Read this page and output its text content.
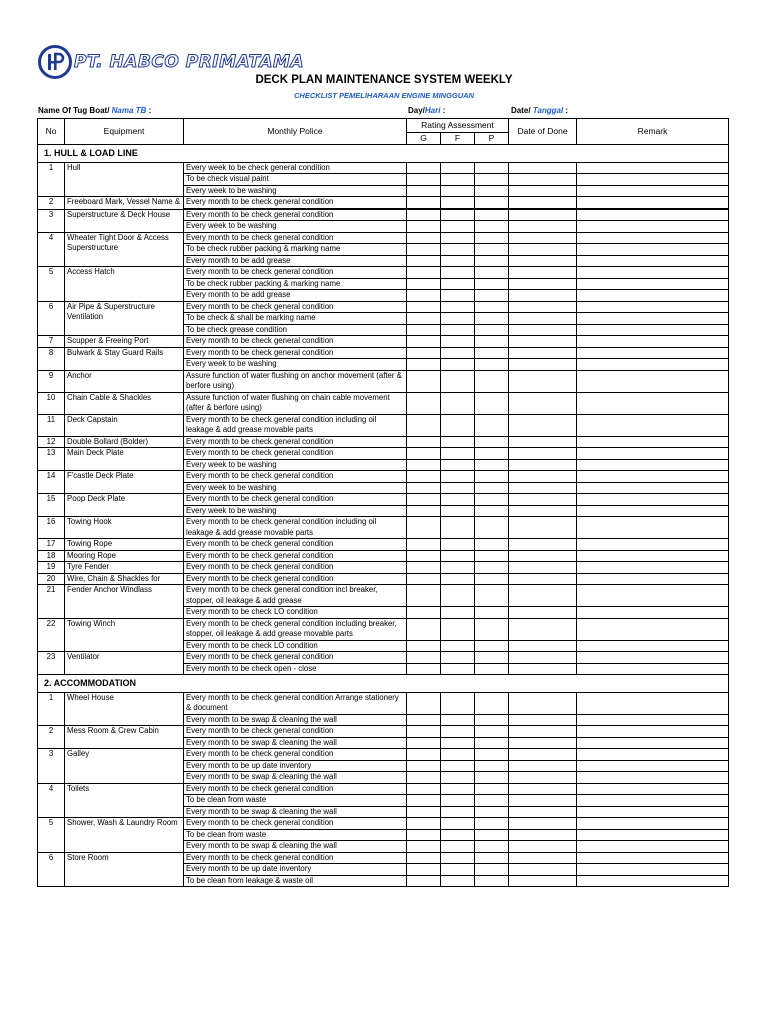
PT. HABCO PRIMATAMA
DECK PLAN MAINTENANCE SYSTEM WEEKLY
CHECKLIST PEMELIHARAAN ENGINE MINGGUAN
Name Of Tug Boat/ Nama TB :	Day/Hari :	Date/ Tanggal :
No	Equipment	Monthly Police	Rating Assessment			Date of Done	Remark
			G	F	P		
1. HULL & LOAD LINE							
1	Hull	Every week to be check general condition					
		To be check visual paint					
		Every week to be washing					
2	Freeboard Mark, Vessel Name &	Every month to be check general condition					

3	Superstructure & Deck House	Every month to be check general condition					
		Every week to be washing					
4	Wheater Tight Door & Access Superstructure	Every month to be check general condition					
		To be check rubber packing & marking name					
		Every month to be add grease					
5	Access Hatch	Every month to be check general condition					
		To be check rubber packing & marking name					
		Every month to be add grease					
6	Air Pipe & Superstructure Ventilation	Every month to be check general condition					
		To be check & shall be marking name					
		To be check grease condition					
7	Scupper & Freeing Port	Every month to be check general condition					
8	Bulwark & Stay Guard Rails	Every month to be check general condition					
		Every week to be washing					
9	Anchor	Assure function of water flushing on anchor movement (after & berfore using)					
10	Chain Cable & Shackles	Assure function of water flushing on chain cable movement (after & berfore using)					
11	Deck Capstain	Every month to be check general condition including oil leakage & add grease movable parts					
12	Double Bollard (Bolder)	Every month to be check general condition					
13	Main Deck Plate	Every month to be check general condition					
		Every week to be washing					
14	F'castle Deck Plate	Every month to be check general condition					
		Every week to be washing					
15	Poop Deck Plate	Every month to be check general condition					
		Every week to be washing					
16	Towing Hook	Every month to be check general condition including oil leakage & add grease movable parts					
17	Towing Rope	Every month to be check general condition					
18	Mooring Rope	Every month to be check general condition					
19	Tyre Fender	Every month to be check general condition					
20	Wire, Chain & Shackles for	Every month to be check general condition					
21	Fender Anchor Windlass	Every month to be check general condition incl breaker, stopper, oil leakage & add grease					
		Every month to be check LO condition					
22	Towing Winch	Every month to be check general condition including breaker, stopper, oil leakage & add grease movable parts					
		Every month to be check LO condition					
23	Ventilator	Every month to be check general condition					
		Every month to be check open - close					
2. ACCOMMODATION							
1	Wheel House	Every month to be check general condition Arrange stationery & document					
		Every month to be swap & cleaning the wall					
2	Mess Room & Crew Cabin	Every month to be check general condition					
		Every month to be swap & cleaning the wall					
3	Galley	Every month to be check general condition					
		Every month to be up date inventory					
		Every month to be swap & cleaning the wall					
4	Toilets	Every month to be check general condition					
		To be clean from waste					
		Every month to be swap & cleaning the wall					
5	Shower, Wash & Laundry Room	Every month to be check general condition					
		To be clean from waste					
		Every month to be swap & cleaning the wall					
6	Store Room	Every month to be check general condition					
		Every month to be up date inventory					
		To be clean from leakage & waste oil					
